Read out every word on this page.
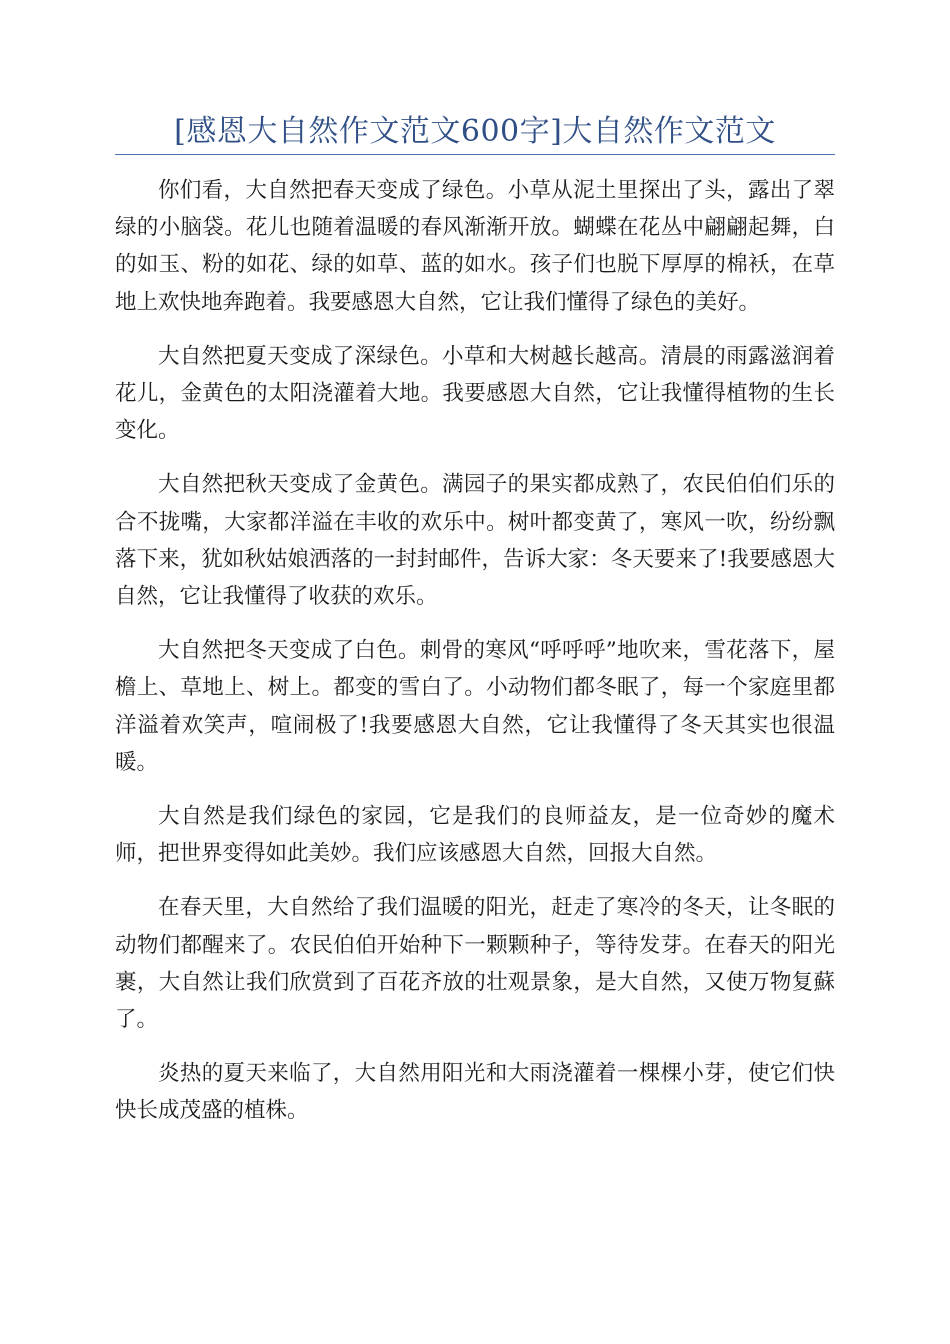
[感恩大自然作文范文600字]大自然作文范文

你们看，大自然把春天变成了绿色。小草从泥土里探出了头，露出了翠绿的小脑袋。花儿也随着温暖的春风渐渐开放。蝴蝶在花丛中翩翩起舞，白的如玉、粉的如花、绿的如草、蓝的如水。孩子们也脱下厚厚的棉袄，在草地上欢快地奔跑着。我要感恩大自然，它让我们懂得了绿色的美好。

大自然把夏天变成了深绿色。小草和大树越长越高。清晨的雨露滋润着花儿，金黄色的太阳浇灌着大地。我要感恩大自然，它让我懂得植物的生长变化。

大自然把秋天变成了金黄色。满园子的果实都成熟了，农民伯伯们乐的合不拢嘴，大家都洋溢在丰收的欢乐中。树叶都变黄了，寒风一吹，纷纷飘落下来，犹如秋姑娘洒落的一封封邮件，告诉大家：冬天要来了!我要感恩大自然，它让我懂得了收获的欢乐。

大自然把冬天变成了白色。刺骨的寒风“呼呼呼”地吹来，雪花落下，屋檐上、草地上、树上。都变的雪白了。小动物们都冬眠了，每一个家庭里都洋溢着欢笑声，喧闹极了!我要感恩大自然，它让我懂得了冬天其实也很温暖。

大自然是我们绿色的家园，它是我们的良师益友，是一位奇妙的魔术师，把世界变得如此美妙。我们应该感恩大自然，回报大自然。

在春天里，大自然给了我们温暖的阳光，赶走了寒冷的冬天，让冬眠的动物们都醒来了。农民伯伯开始种下一颗颗种子，等待发芽。在春天的阳光裹，大自然让我们欣赏到了百花齐放的壮观景象，是大自然，又使万物复蘇了。

炎热的夏天来临了，大自然用阳光和大雨浇灌着一棵棵小芽，使它们快快长成茂盛的植株。
